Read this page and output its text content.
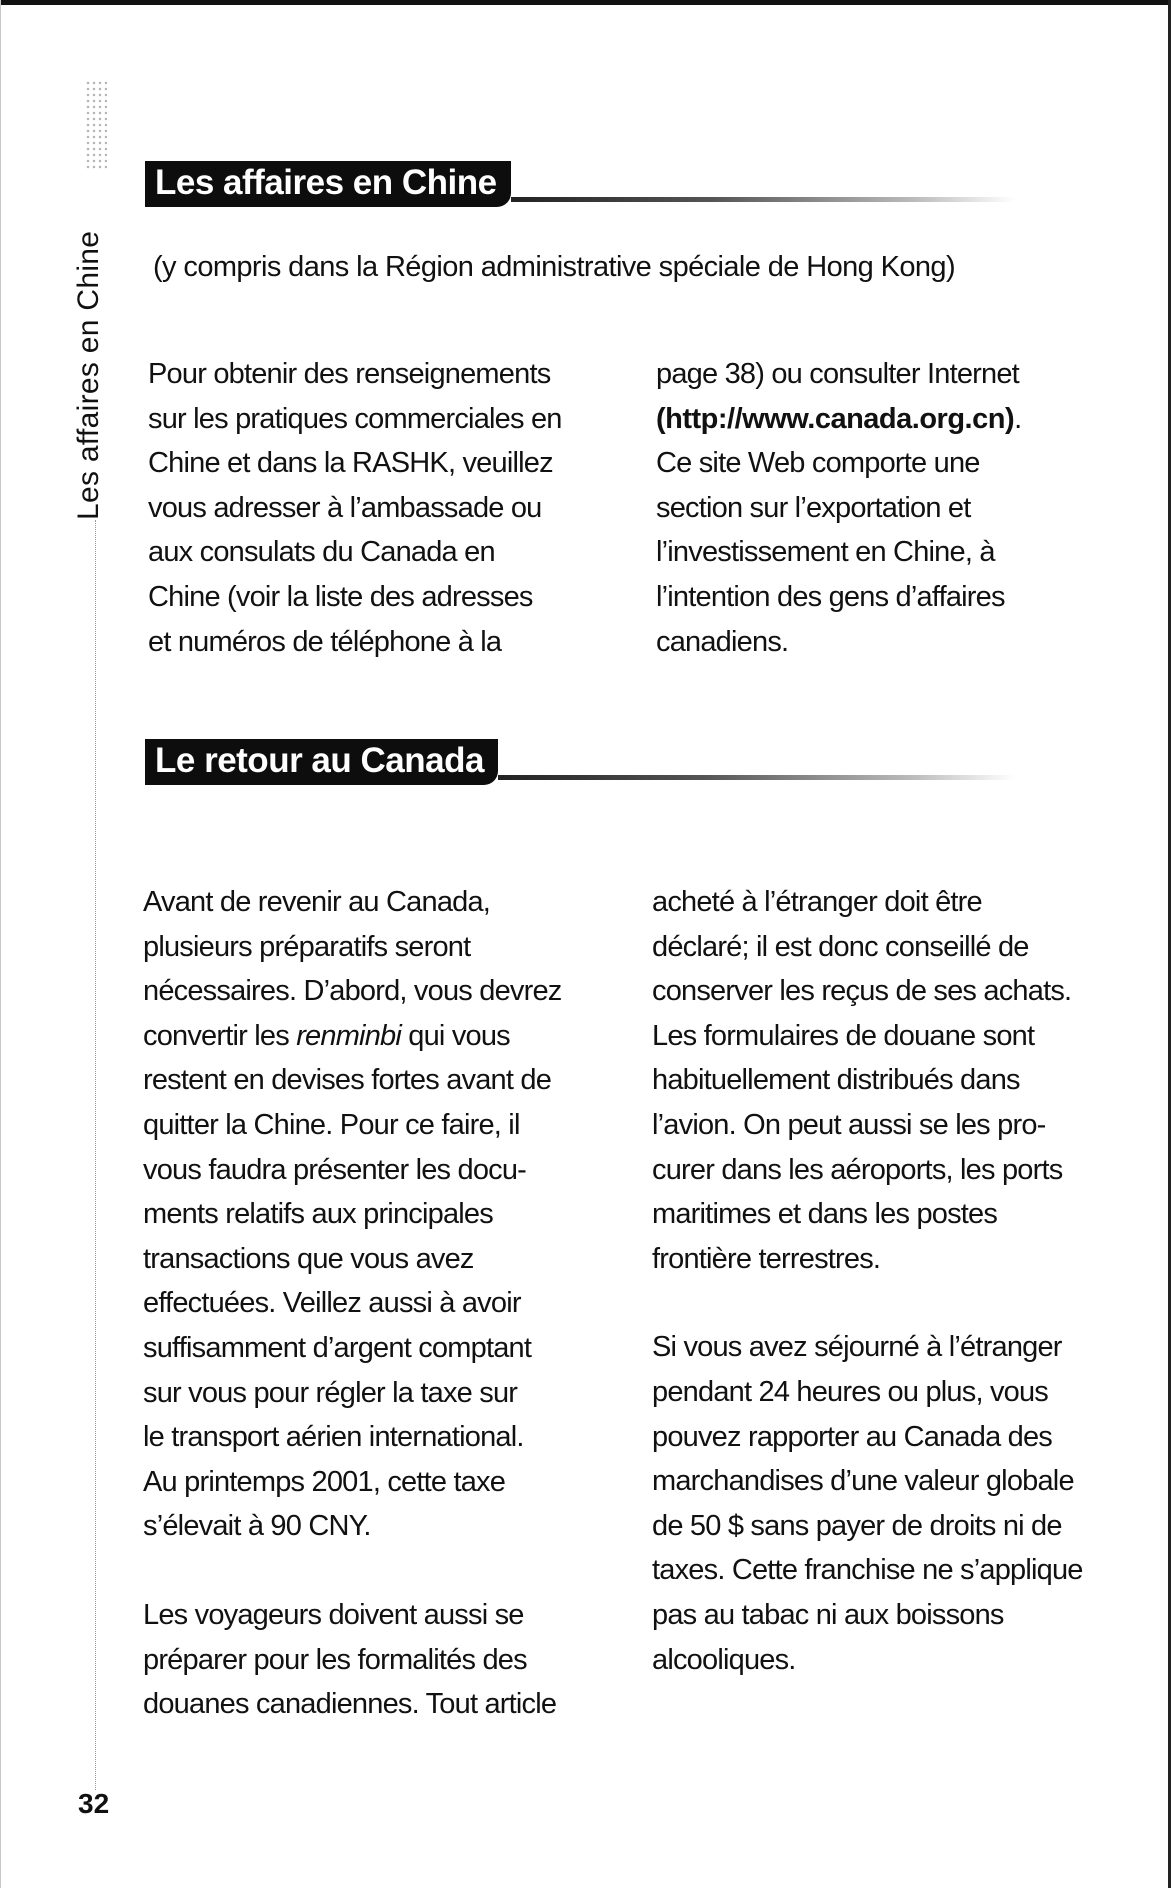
Les affaires en Chine
Les affaires en Chine
(y compris dans la Région administrative spéciale de Hong Kong)

Pour obtenir des renseignements
sur les pratiques commerciales en
Chine et dans la RASHK, veuillez
vous adresser à l’ambassade ou
aux consulats du Canada en
Chine (voir la liste des adresses
et numéros de téléphone à la

page 38) ou consulter Internet
(http://www.canada.org.cn).
Ce site Web comporte une
section sur l’exportation et
l’investissement en Chine, à
l’intention des gens d’affaires
canadiens.

Le retour au Canada

Avant de revenir au Canada,
plusieurs préparatifs seront
nécessaires. D’abord, vous devrez
convertir les renminbi qui vous
restent en devises fortes avant de
quitter la Chine. Pour ce faire, il
vous faudra présenter les docu-
ments relatifs aux principales
transactions que vous avez
effectuées. Veillez aussi à avoir
suffisamment d’argent comptant
sur vous pour régler la taxe sur
le transport aérien international.
Au printemps 2001, cette taxe
s’élevait à 90 CNY.

Les voyageurs doivent aussi se
préparer pour les formalités des
douanes canadiennes. Tout article

acheté à l’étranger doit être
déclaré; il est donc conseillé de
conserver les reçus de ses achats.
Les formulaires de douane sont
habituellement distribués dans
l’avion. On peut aussi se les pro-
curer dans les aéroports, les ports
maritimes et dans les postes
frontière terrestres.

Si vous avez séjourné à l’étranger
pendant 24 heures ou plus, vous
pouvez rapporter au Canada des
marchandises d’une valeur globale
de 50 $ sans payer de droits ni de
taxes. Cette franchise ne s’applique
pas au tabac ni aux boissons
alcooliques.

32
